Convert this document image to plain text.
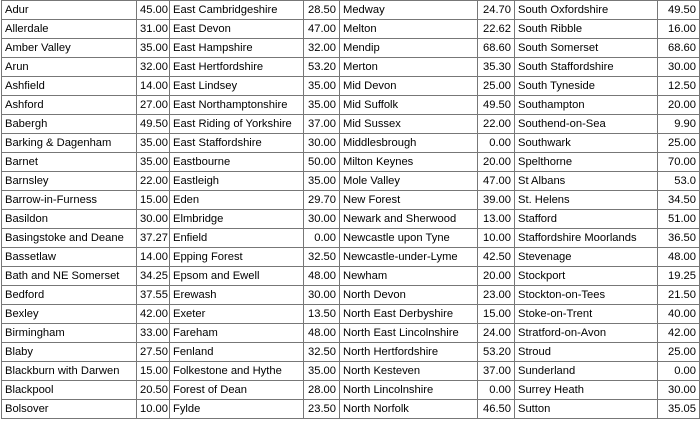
Adur	45.00	East Cambridgeshire	28.50	Medway	24.70	South Oxfordshire	49.50
Allerdale	31.00	East Devon	47.00	Melton	22.62	South Ribble	16.00
Amber Valley	35.00	East Hampshire	32.00	Mendip	68.60	South Somerset	68.60
Arun	32.00	East Hertfordshire	53.20	Merton	35.30	South Staffordshire	30.00
Ashfield	14.00	East Lindsey	35.00	Mid Devon	25.00	South Tyneside	12.50
Ashford	27.00	East Northamptonshire	35.00	Mid Suffolk	49.50	Southampton	20.00
Babergh	49.50	East Riding of Yorkshire	37.00	Mid Sussex	22.00	Southend-on-Sea	9.90
Barking & Dagenham	35.00	East Staffordshire	30.00	Middlesbrough	0.00	Southwark	25.00
Barnet	35.00	Eastbourne	50.00	Milton Keynes	20.00	Spelthorne	70.00
Barnsley	22.00	Eastleigh	35.00	Mole Valley	47.00	St Albans	53.0
Barrow-in-Furness	15.00	Eden	29.70	New Forest	39.00	St. Helens	34.50
Basildon	30.00	Elmbridge	30.00	Newark and Sherwood	13.00	Stafford	51.00
Basingstoke and Deane	37.27	Enfield	0.00	Newcastle upon Tyne	10.00	Staffordshire Moorlands	36.50
Bassetlaw	14.00	Epping Forest	32.50	Newcastle-under-Lyme	42.50	Stevenage	48.00
Bath and NE Somerset	34.25	Epsom and Ewell	48.00	Newham	20.00	Stockport	19.25
Bedford	37.55	Erewash	30.00	North Devon	23.00	Stockton-on-Tees	21.50
Bexley	42.00	Exeter	13.50	North East Derbyshire	15.00	Stoke-on-Trent	40.00
Birmingham	33.00	Fareham	48.00	North East Lincolnshire	24.00	Stratford-on-Avon	42.00
Blaby	27.50	Fenland	32.50	North Hertfordshire	53.20	Stroud	25.00
Blackburn with Darwen	15.00	Folkestone and Hythe	35.00	North Kesteven	37.00	Sunderland	0.00
Blackpool	20.50	Forest of Dean	28.00	North Lincolnshire	0.00	Surrey Heath	30.00
Bolsover	10.00	Fylde	23.50	North Norfolk	46.50	Sutton	35.05
